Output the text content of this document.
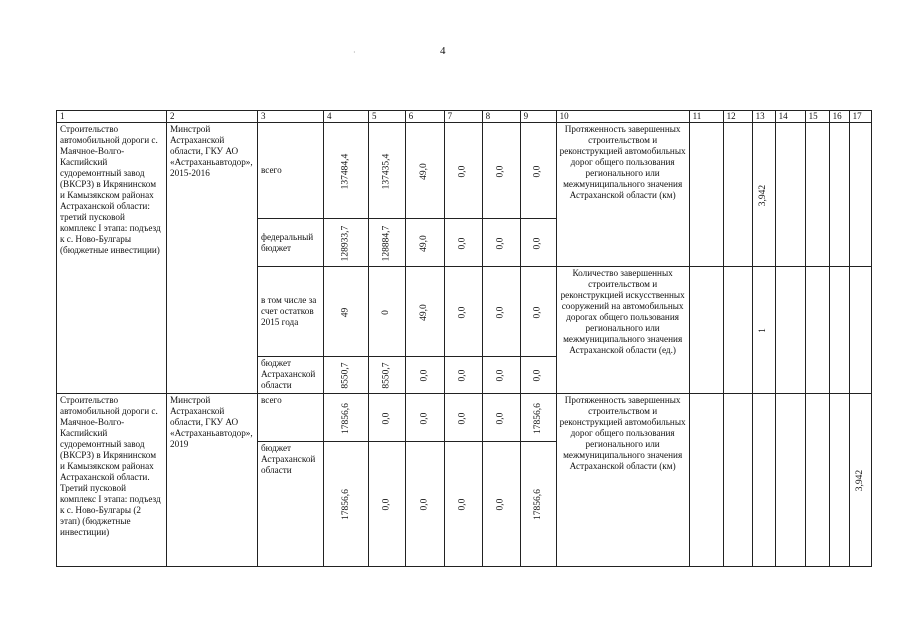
4
·
1	2	3	4	5	6	7	8	9	10	11	12	13	14	15	16	17
Строительство автомобильной дороги с. Маячное-Волго-Каспийский судоремонтный завод (ВКСРЗ) в Икрянинском и Камызякском районах Астраханской области: третий пусковой комплекс I этапа: подъезд к с. Ново-Булгары (бюджетные инвестиции)	Минстрой Астраханской области, ГКУ АО «Астраханьавтодор», 2015-2016	всего	137484,4	137435,4	49,0	0,0	0,0	0,0	Протяженность завершенных строительством и реконструкцией автомобильных дорог общего пользования регионального или межмуниципального значения Астраханской области (км)			3,942				
		федеральный бюджет	128933,7	128884,7	49,0	0,0	0,0	0,0								
		в том числе за счет остатков 2015 года	49	0	49,0	0,0	0,0	0,0	Количество завершенных строительством и реконструкцией искусственных сооружений на автомобильных дорогах общего пользования регионального или межмуниципального значения Астраханской области (ед.)			1				
		бюджет Астраханской области	8550,7	8550,7	0,0	0,0	0,0	0,0								
Строительство автомобильной дороги с. Маячное-Волго-Каспийский судоремонтный завод (ВКСРЗ) в Икрянинском и Камызякском районах Астраханской области. Третий пусковой комплекс I этапа: подъезд к с. Ново-Булгары (2 этап) (бюджетные инвестиции)	Минстрой Астраханской области, ГКУ АО «Астраханьавтодор», 2019	всего	17856,6	0,0	0,0	0,0	0,0	17856,6	Протяженность завершенных строительством и реконструкцией автомобильных дорог общего пользования регионального или межмуниципального значения Астраханской области (км)							3,942
		бюджет Астраханской области	17856,6	0,0	0,0	0,0	0,0	17856,6								
